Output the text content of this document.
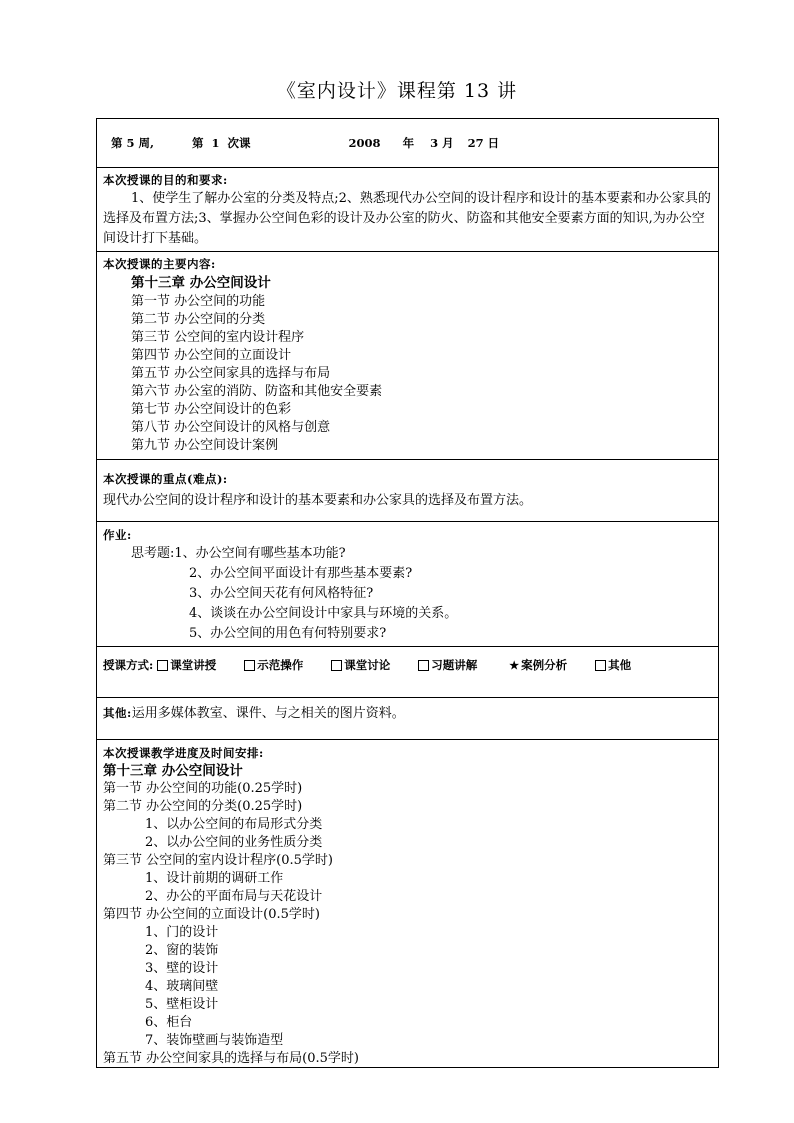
《室内设计》课程第 13 讲
第 5 周,	第  1  次课	2008 年 3 月 27 日
本次授课的目的和要求:

1、使学生了解办公室的分类及特点;2、熟悉现代办公空间的设计程序和设计的基本要素和办公家具的选择及布置方法;3、掌握办公空间色彩的设计及办公室的防火、防盗和其他安全要素方面的知识,为办公空间设计打下基础。

本次授课的主要内容:
第十三章 办公空间设计
第一节 办公空间的功能
第二节 办公空间的分类
第三节 公空间的室内设计程序
第四节 办公空间的立面设计
第五节 办公空间家具的选择与布局
第六节 办公室的消防、防盗和其他安全要素
第七节 办公空间设计的色彩
第八节 办公空间设计的风格与创意
第九节 办公空间设计案例
本次授课的重点(难点):

现代办公空间的设计程序和设计的基本要素和办公家具的选择及布置方法。

作业:
思考题:1、办公空间有哪些基本功能?
2、办公空间平面设计有那些基本要素?
3、办公空间天花有何风格特征?
4、谈谈在办公空间设计中家具与环境的关系。
5、办公空间的用色有何特别要求?
授课方式: 课堂讲授	示范操作	课堂讨论	习题讲解	★ 案例分析	其他
其他:运用多媒体教室、课件、与之相关的图片资料。
本次授课教学进度及时间安排:
第十三章 办公空间设计
第一节 办公空间的功能(0.25学时)
第二节 办公空间的分类(0.25学时)
1、以办公空间的布局形式分类
2、以办公空间的业务性质分类
第三节 公空间的室内设计程序(0.5学时)
1、设计前期的调研工作
2、办公的平面布局与天花设计
第四节 办公空间的立面设计(0.5学时)
1、门的设计
2、窗的装饰
3、壁的设计
4、玻璃间壁
5、壁柜设计
6、柜台
7、装饰壁画与装饰造型
第五节 办公空间家具的选择与布局(0.5学时)
